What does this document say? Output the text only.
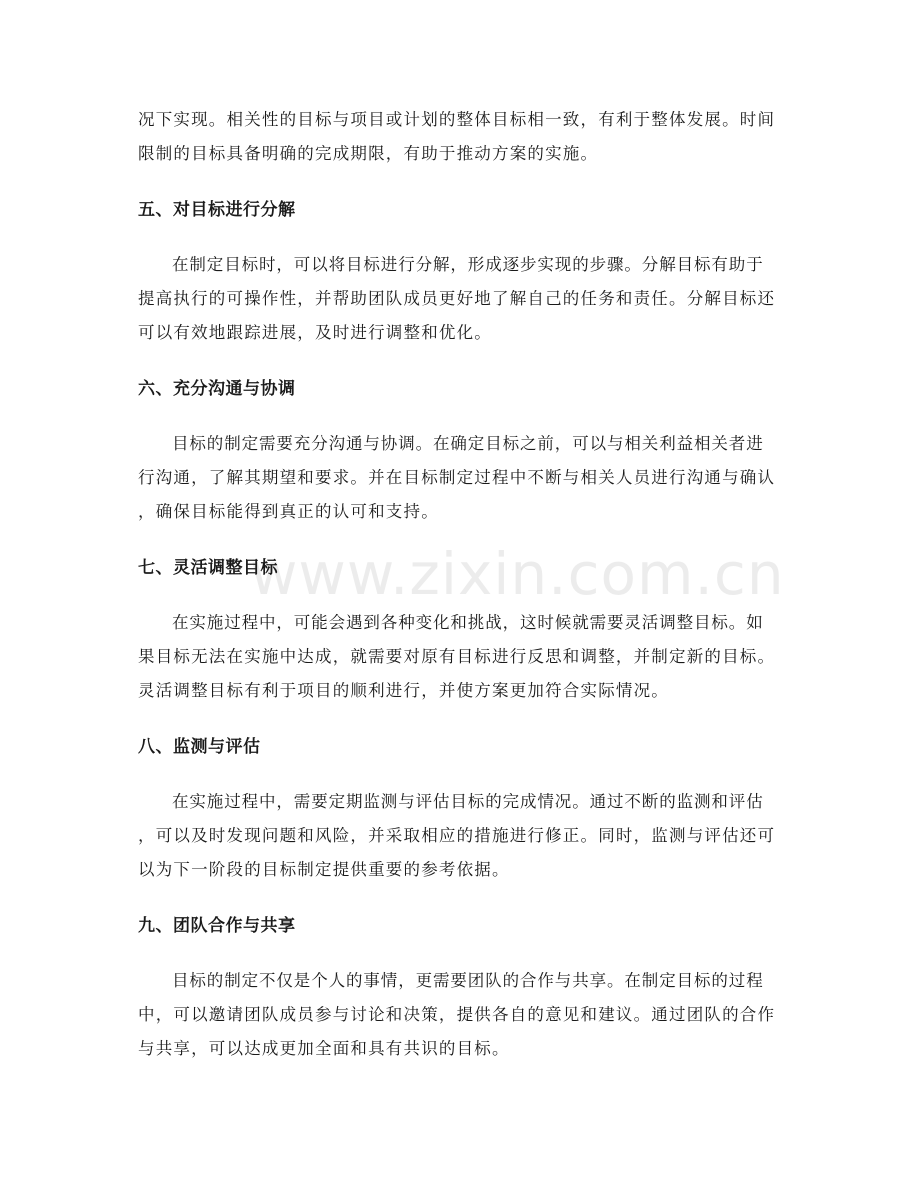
www.zixin.com.cn

况下实现。相关性的目标与项目或计划的整体目标相一致，有利于整体发展。时间
限制的目标具备明确的完成期限，有助于推动方案的实施。

五、对目标进行分解

在制定目标时，可以将目标进行分解，形成逐步实现的步骤。分解目标有助于
提高执行的可操作性，并帮助团队成员更好地了解自己的任务和责任。分解目标还
可以有效地跟踪进展，及时进行调整和优化。

六、充分沟通与协调

目标的制定需要充分沟通与协调。在确定目标之前，可以与相关利益相关者进
行沟通，了解其期望和要求。并在目标制定过程中不断与相关人员进行沟通与确认
，确保目标能得到真正的认可和支持。

七、灵活调整目标

在实施过程中，可能会遇到各种变化和挑战，这时候就需要灵活调整目标。如
果目标无法在实施中达成，就需要对原有目标进行反思和调整，并制定新的目标。
灵活调整目标有利于项目的顺利进行，并使方案更加符合实际情况。

八、监测与评估

在实施过程中，需要定期监测与评估目标的完成情况。通过不断的监测和评估
，可以及时发现问题和风险，并采取相应的措施进行修正。同时，监测与评估还可
以为下一阶段的目标制定提供重要的参考依据。

九、团队合作与共享

目标的制定不仅是个人的事情，更需要团队的合作与共享。在制定目标的过程
中，可以邀请团队成员参与讨论和决策，提供各自的意见和建议。通过团队的合作
与共享，可以达成更加全面和具有共识的目标。
